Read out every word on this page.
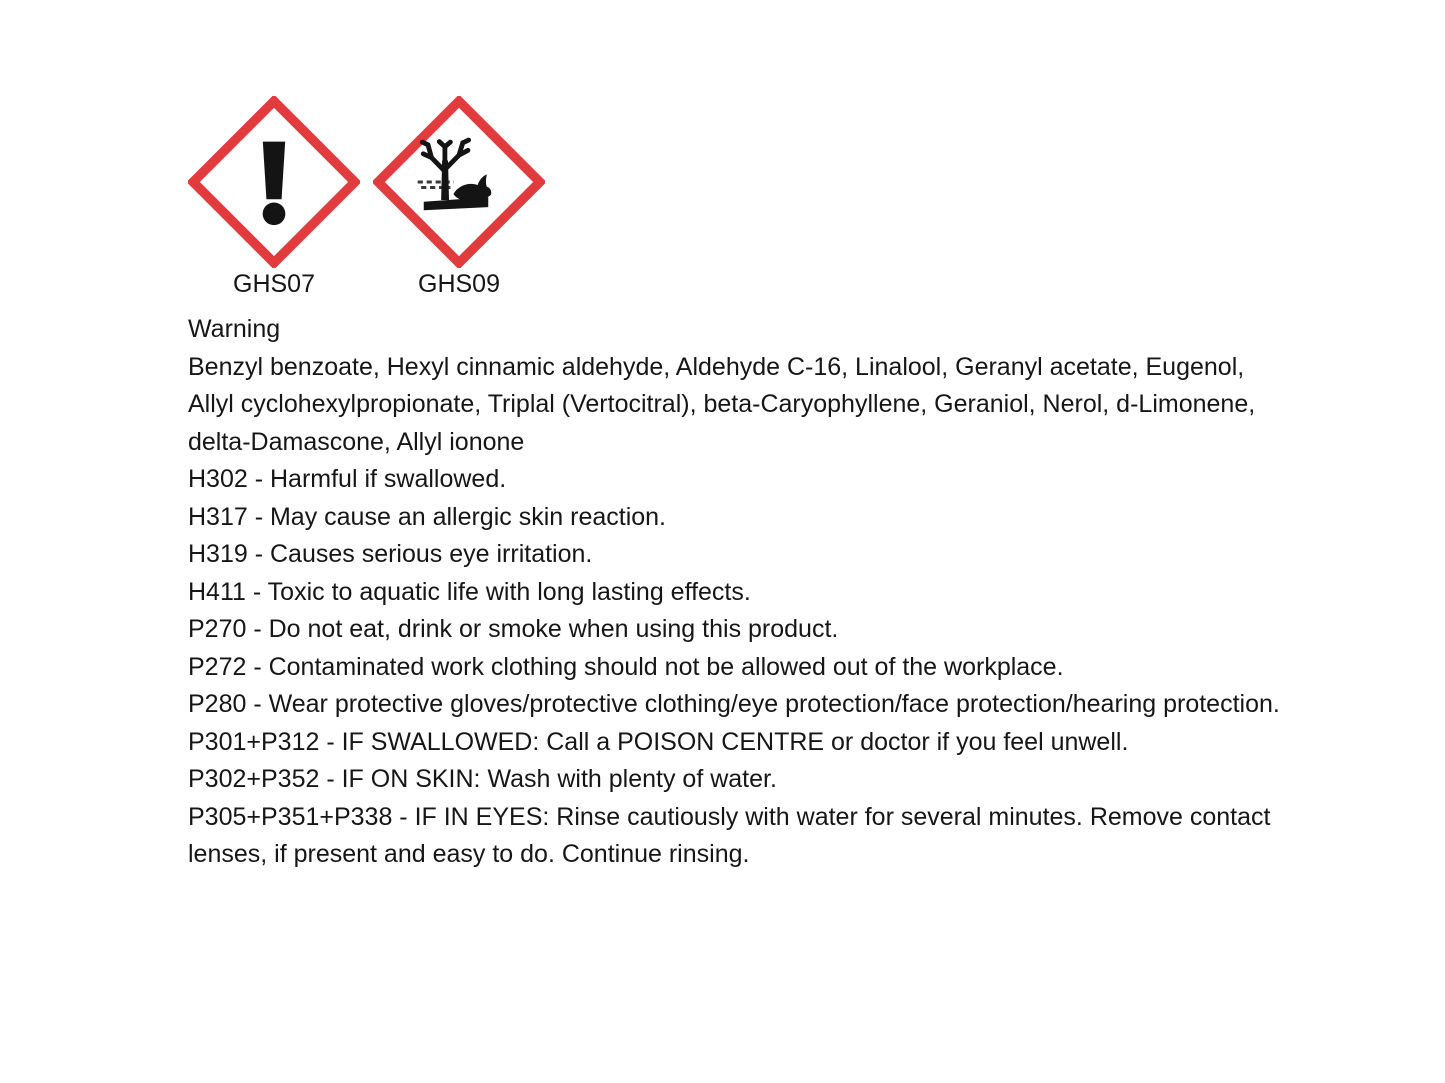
GHS07	GHS09

Warning

Benzyl benzoate, Hexyl cinnamic aldehyde, Aldehyde C-16, Linalool, Geranyl acetate, Eugenol, Allyl cyclohexylpropionate, Triplal (Vertocitral), beta-Caryophyllene, Geraniol, Nerol, d-Limonene, delta-Damascone, Allyl ionone

H302 - Harmful if swallowed.
H317 - May cause an allergic skin reaction.
H319 - Causes serious eye irritation.
H411 - Toxic to aquatic life with long lasting effects.
P270 - Do not eat, drink or smoke when using this product.
P272 - Contaminated work clothing should not be allowed out of the workplace.
P280 - Wear protective gloves/protective clothing/eye protection/face protection/hearing protection.
P301+P312 - IF SWALLOWED: Call a POISON CENTRE or doctor if you feel unwell.
P302+P352 - IF ON SKIN: Wash with plenty of water.
P305+P351+P338 - IF IN EYES: Rinse cautiously with water for several minutes. Remove contact lenses, if present and easy to do. Continue rinsing.
